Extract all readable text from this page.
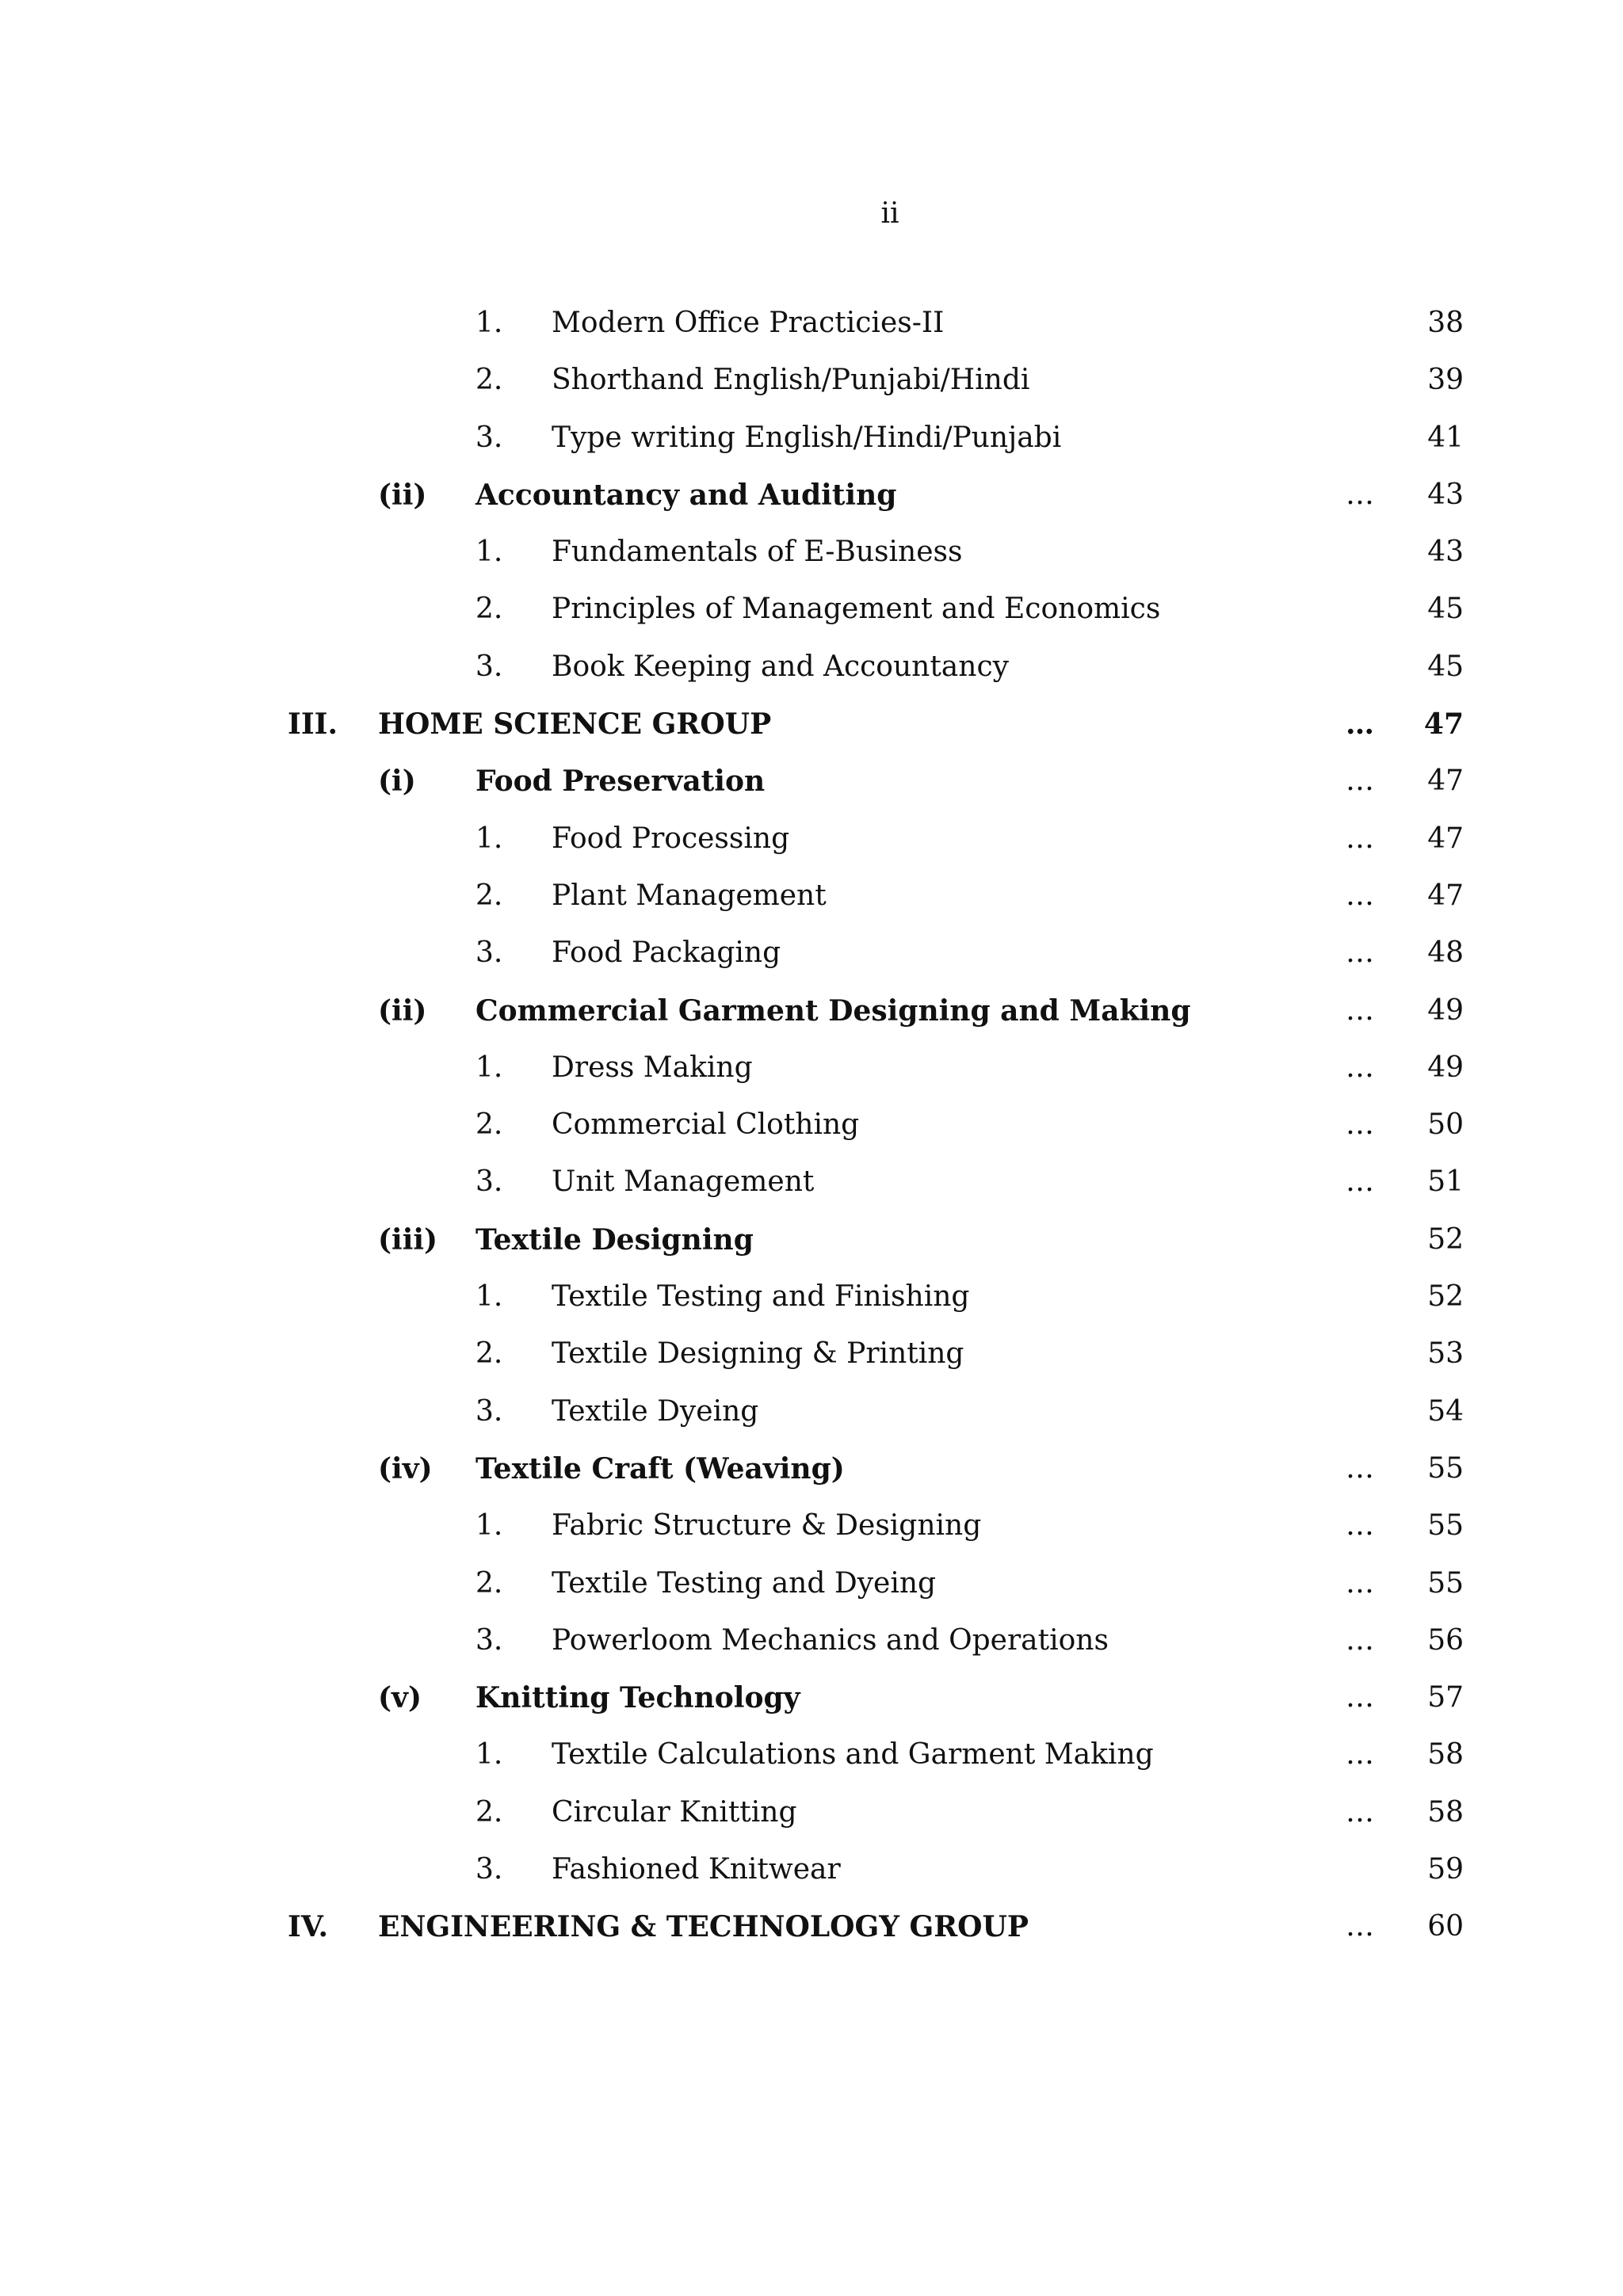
ii
1. Modern Office Practicies-II	38
2. Shorthand English/Punjabi/Hindi	39
3. Type writing English/Hindi/Punjabi	41
(ii) Accountancy and Auditing	… 43
1. Fundamentals of E-Business	43
2. Principles of Management and Economics	45
3. Book Keeping and Accountancy	45
III. HOME SCIENCE GROUP	… 47
(i) Food Preservation	… 47
1. Food Processing	… 47
2. Plant Management	… 47
3. Food Packaging	… 48
(ii) Commercial Garment Designing and Making	… 49
1. Dress Making	… 49
2. Commercial Clothing	… 50
3. Unit Management	… 51
(iii) Textile Designing	52
1. Textile Testing and Finishing	52
2. Textile Designing & Printing	53
3. Textile Dyeing	54
(iv) Textile Craft (Weaving)	… 55
1. Fabric Structure & Designing	… 55
2. Textile Testing and Dyeing	… 55
3. Powerloom Mechanics and Operations	… 56
(v) Knitting Technology	… 57
1. Textile Calculations and Garment Making	… 58
2. Circular Knitting	… 58
3. Fashioned Knitwear	59
IV. ENGINEERING & TECHNOLOGY GROUP	… 60
